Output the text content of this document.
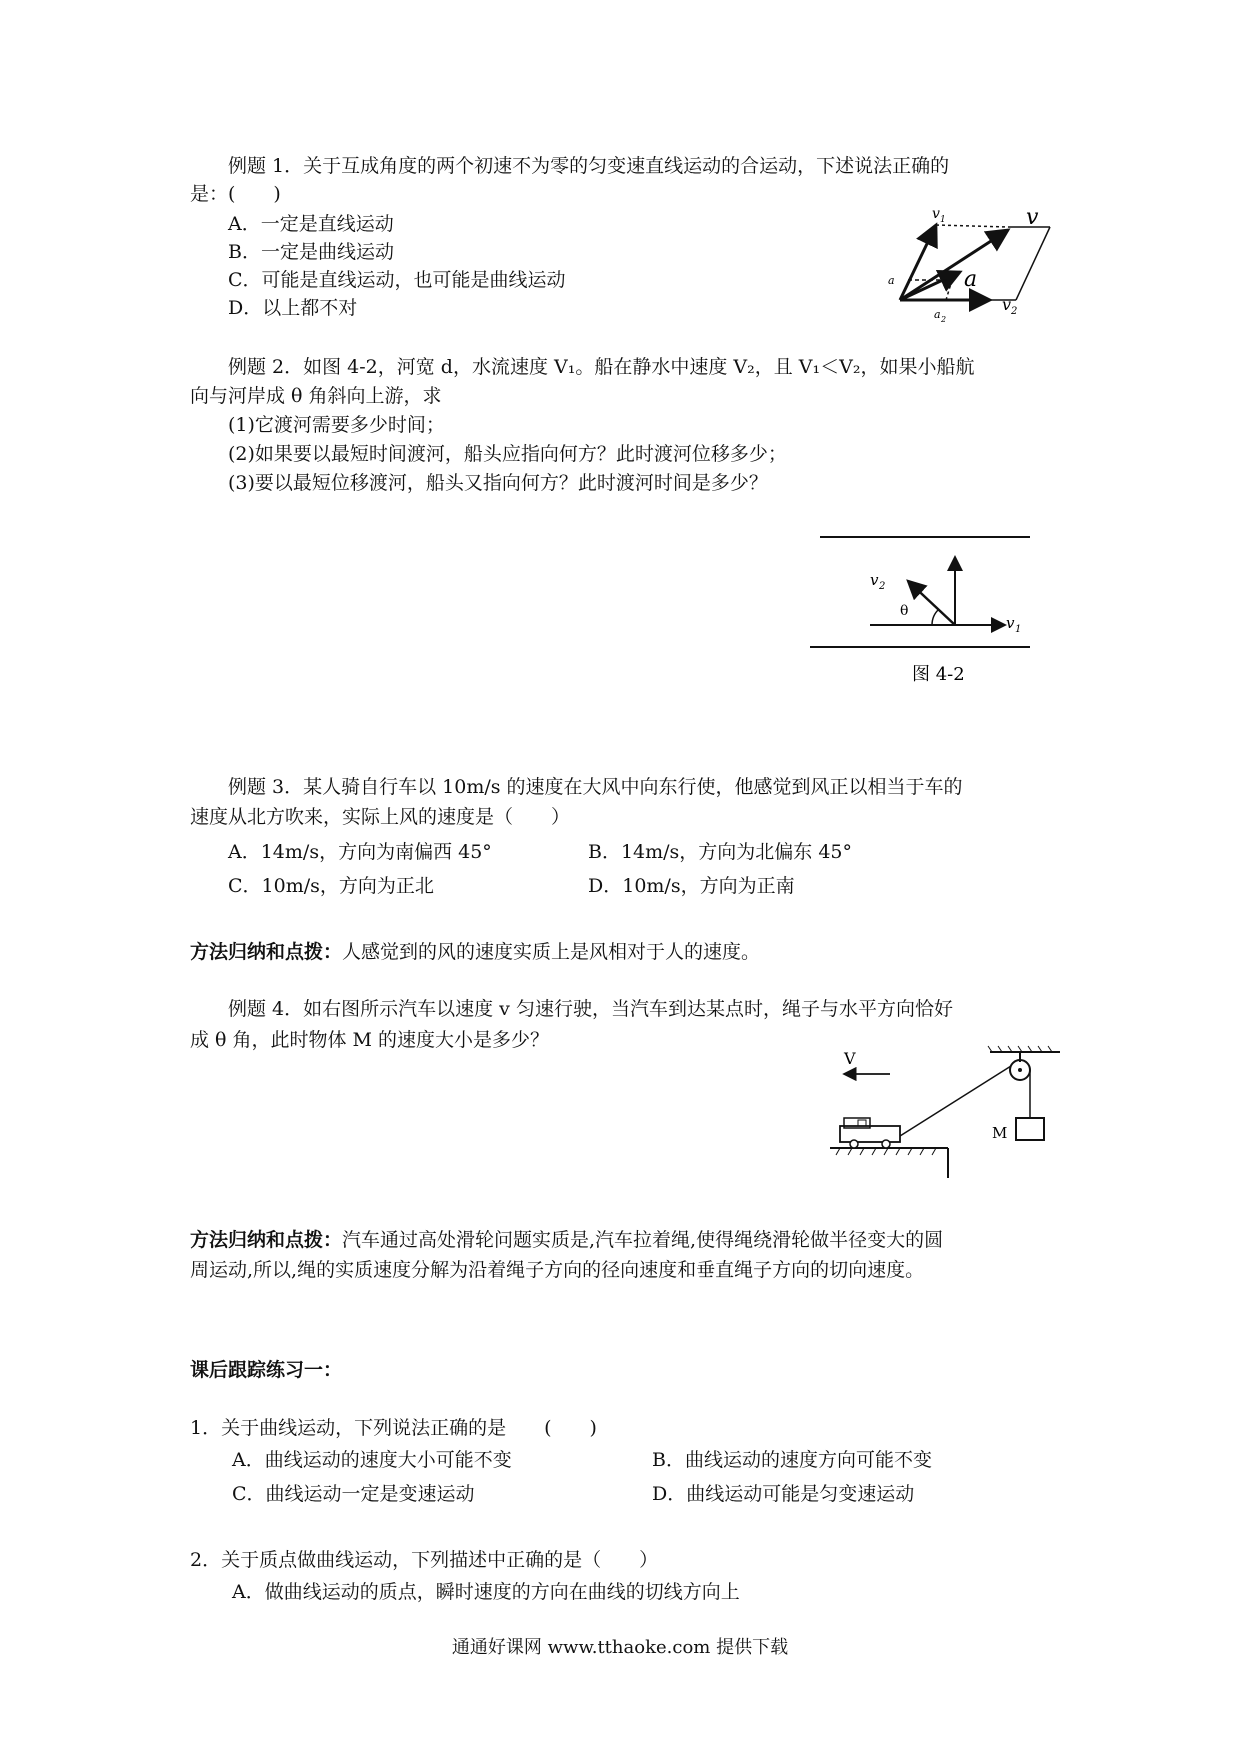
例题 1．关于互成角度的两个初速不为零的匀变速直线运动的合运动，下述说法正确的
是：(　　)
A．一定是直线运动
B．一定是曲线运动
C．可能是直线运动，也可能是曲线运动
D．以上都不对
v 1	v
a
a
v 2
a 2
例题 2．如图 4-2，河宽 d，水流速度 V₁。船在静水中速度 V₂，且 V₁＜V₂，如果小船航
向与河岸成 θ 角斜向上游，求
(1)它渡河需要多少时间；
(2)如果要以最短时间渡河，船头应指向何方？此时渡河位移多少；
(3)要以最短位移渡河，船头又指向何方？此时渡河时间是多少？
v 2
θ
v 1
图 4-2
例题 3．某人骑自行车以 10m/s 的速度在大风中向东行使，他感觉到风正以相当于车的
速度从北方吹来，实际上风的速度是（　　）
A．14m/s，方向为南偏西 45°	B．14m/s，方向为北偏东 45°
C．10m/s，方向为正北	D．10m/s，方向为正南
方法归纳和点拨：人感觉到的风的速度实质上是风相对于人的速度。
例题 4．如右图所示汽车以速度 v 匀速行驶，当汽车到达某点时，绳子与水平方向恰好
成 θ 角，此时物体 M 的速度大小是多少？
M
V
方法归纳和点拨：汽车通过高处滑轮问题实质是,汽车拉着绳,使得绳绕滑轮做半径变大的圆
周运动,所以,绳的实质速度分解为沿着绳子方向的径向速度和垂直绳子方向的切向速度。
课后跟踪练习一：
1．关于曲线运动，下列说法正确的是　　(　　)
A．曲线运动的速度大小可能不变	B．曲线运动的速度方向可能不变
C．曲线运动一定是变速运动	D．曲线运动可能是匀变速运动
2．关于质点做曲线运动，下列描述中正确的是（　　）
A．做曲线运动的质点，瞬时速度的方向在曲线的切线方向上
通通好课网 www.tthaoke.com 提供下载
